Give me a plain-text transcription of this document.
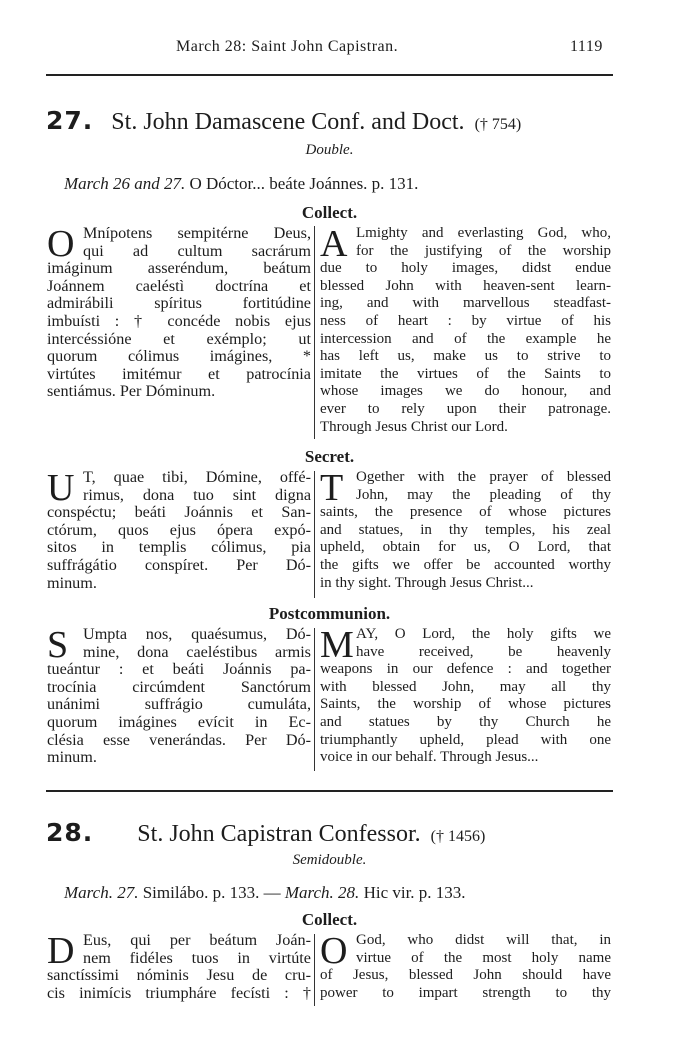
March 28: Saint John Capistran.	1119
27. St. John Damascene Conf. and Doct. († 754)
Double.
March 26 and 27. O Dóctor... beáte Joánnes. p. 131.
Collect.
O Mnípotens sempitérne Deus,
qui ad cultum sacrárum
imáginum asseréndum, beátum
Joánnem caeléstì doctrína et
admirábili spíritus fortitúdine
imbuísti : † concéde nobis ejus
intercéssióne et exémplo; ut
quorum cólimus imágines, *
virtútes imitémur et patrocínia
sentiámus. Per Dóminum.
A Lmighty and everlasting God, who,
for the justifying of the worship
due to holy images, didst endue
blessed John with heaven-sent learn-
ing, and with marvellous steadfast-
ness of heart : by virtue of his
intercession and of the example he
has left us, make us to strive to
imitate the virtues of the Saints to
whose images we do honour, and
ever to rely upon their patronage.
Through Jesus Christ our Lord.
Secret.
U T, quae tibi, Dómine, offé-
rimus, dona tuo sint digna
conspéctu; beáti Joánnis et San-
ctórum, quos ejus ópera expó-
sitos in templis cólimus, pia
suffrágátio conspíret. Per Dó-
minum.
T Ogether with the prayer of blessed
John, may the pleading of thy
saints, the presence of whose pictures
and statues, in thy temples, his zeal
upheld, obtain for us, O Lord, that
the gifts we offer be accounted worthy
in thy sight. Through Jesus Christ...
Postcommunion.
S Umpta nos, quaésumus, Dó-
mine, dona caeléstibus armis
tueántur : et beáti Joánnis pa-
trocínia circúmdent Sanctórum
unánimi suffrágio cumuláta,
quorum imágines evícit in Ec-
clésia esse venerándas. Per Dó-
minum.
M AY, O Lord, the holy gifts we
have received, be heavenly
weapons in our defence : and together
with blessed John, may all thy
Saints, the worship of whose pictures
and statues by thy Church he
triumphantly upheld, plead with one
voice in our behalf. Through Jesus...
28. St. John Capistran Confessor. († 1456)
Semidouble.
March. 27. Similábo. p. 133. — March. 28. Hic vir. p. 133.
Collect.
D Eus, qui per beátum Joán-
nem fidéles tuos in virtúte
sanctíssimi nóminis Jesu de cru-
cis inimícis triumpháre fecísti : †
O God, who didst will that, in
virtue of the most holy name
of Jesus, blessed John should have
power to impart strength to thy
